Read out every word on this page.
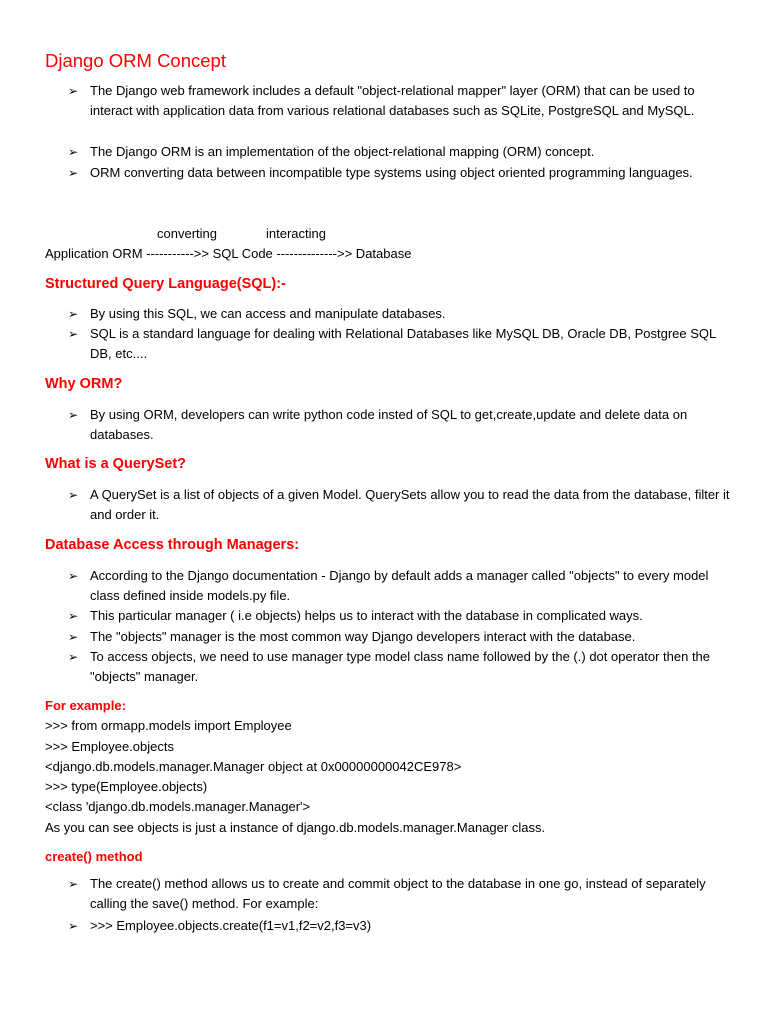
Django ORM Concept
➢ The Django web framework includes a default "object-relational mapper" layer (ORM) that can be used to interact with application data from various relational databases such as SQLite, PostgreSQL and MySQL.
➢ The Django ORM is an implementation of the object-relational mapping (ORM) concept.
➢ ORM converting data between incompatible type systems using object oriented programming languages.
converting	interacting
Application ORM ----------->> SQL Code -------------->> Database
Structured Query Language(SQL):-
➢ By using this SQL, we can access and manipulate databases.
➢ SQL is a standard language for dealing with Relational Databases like MySQL DB, Oracle DB, Postgree SQL DB, etc....
Why ORM?
➢ By using ORM, developers can write python code insted of SQL to get,create,update and delete data on databases.
What is a QuerySet?
➢ A QuerySet is a list of objects of a given Model. QuerySets allow you to read the data from the database, filter it and order it.
Database Access through Managers:
➢ According to the Django documentation - Django by default adds a manager called "objects" to every model class defined inside models.py file.
➢ This particular manager ( i.e objects) helps us to interact with the database in complicated ways.
➢ The "objects" manager is the most common way Django developers interact with the database.
➢ To access objects, we need to use manager type model class name followed by the (.) dot operator then the "objects" manager.
For example:
>>> from ormapp.models import Employee
>>> Employee.objects
<django.db.models.manager.Manager object at 0x00000000042CE978>
>>> type(Employee.objects)
<class 'django.db.models.manager.Manager'>
As you can see objects is just a instance of django.db.models.manager.Manager class.
create() method
➢ The create() method allows us to create and commit object to the database in one go, instead of separately calling the save() method. For example:
➢ >>> Employee.objects.create(f1=v1,f2=v2,f3=v3)
